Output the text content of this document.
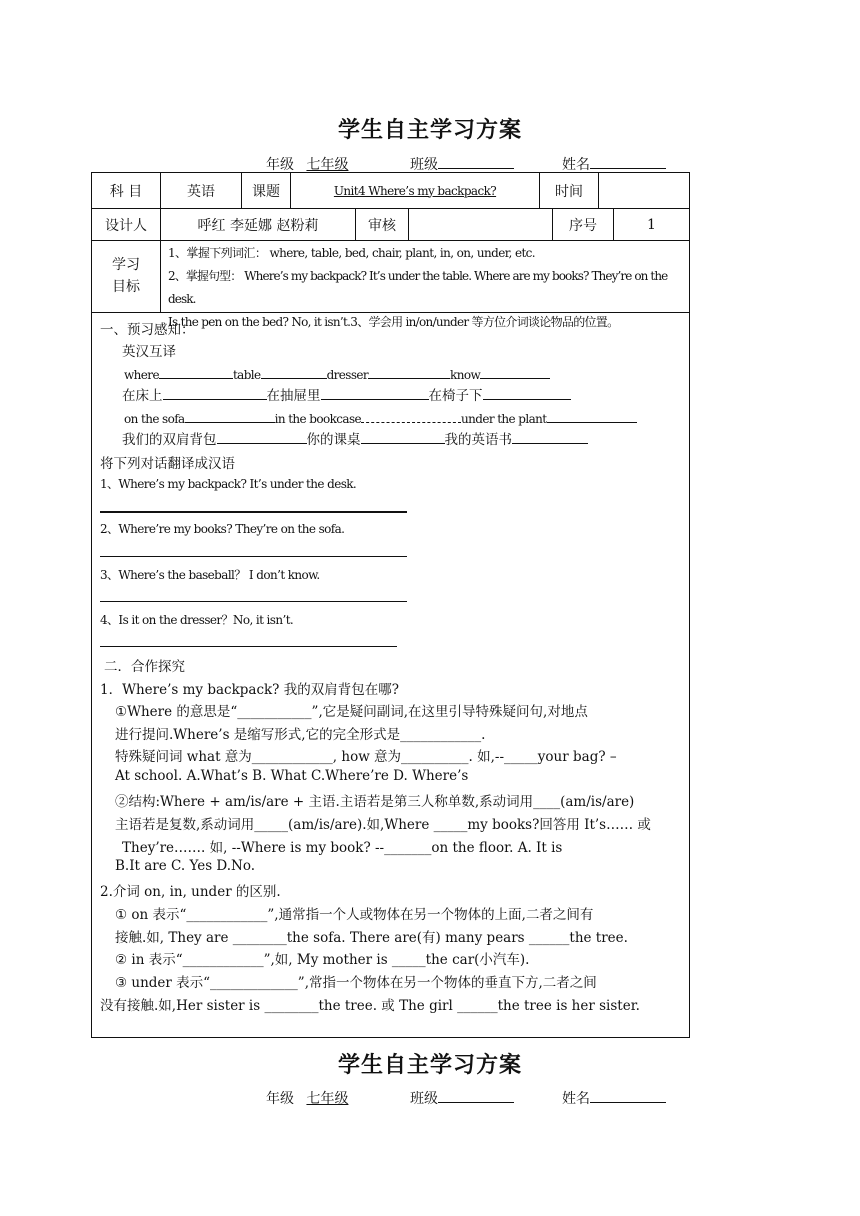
学生自主学习方案
年级 七年级	班级	姓名
科 目	英语	课题	Unit4 Where’s my backpack?	时间	
设计人	呼红 李延娜 赵粉莉	审核		序号	1
学习
目标
1、掌握下列词汇： where, table, bed, chair, plant, in, on, under, etc.
2、掌握句型： Where’s my backpack? It’s under the table. Where are my books? They’re on the desk.
Is the pen on the bed? No, it isn’t.3、学会用 in/on/under 等方位介词谈论物品的位置。
一、预习感知：
英汉互译
where	table	dresser	know
在床上	在抽屉里	在椅子下
on the sofa	in the bookcase	under the plant
我们的双肩背包	你的课桌	我的英语书
将下列对话翻译成汉语
1、Where’s my backpack? It’s under the desk.
2、Where’re my books? They’re on the sofa.
3、Where’s the baseball？ I don’t know.
4、Is it on the dresser？No, it isn’t.
二．合作探究
1．Where’s my backpack? 我的双肩背包在哪?
①Where 的意思是“___________”,它是疑问副词,在这里引导特殊疑问句,对地点
进行提问.Where’s 是缩写形式,它的完全形式是____________.
特殊疑问词 what 意为____________, how 意为__________. 如,--_____your bag? –
At school. A.What’s B. What C.Where’re D. Where’s
②结构:Where + am/is/are + 主语.主语若是第三人称单数,系动词用____(am/is/are)
主语若是复数,系动词用_____(am/is/are).如,Where _____my books?回答用 It’s…… 或
They’re……. 如, --Where is my book? --_______on the floor. A. It is
B.It are C. Yes D.No.
2.介词 on, in, under 的区别.
① on 表示“____________”,通常指一个人或物体在另一个物体的上面,二者之间有
接触.如, They are ________the sofa. There are(有) many pears ______the tree.
② in 表示“____________”,如, My mother is _____the car(小汽车).
③ under 表示“_____________”,常指一个物体在另一个物体的垂直下方,二者之间
没有接触.如,Her sister is ________the tree. 或 The girl ______the tree is her sister.
学生自主学习方案
年级 七年级	班级	姓名
